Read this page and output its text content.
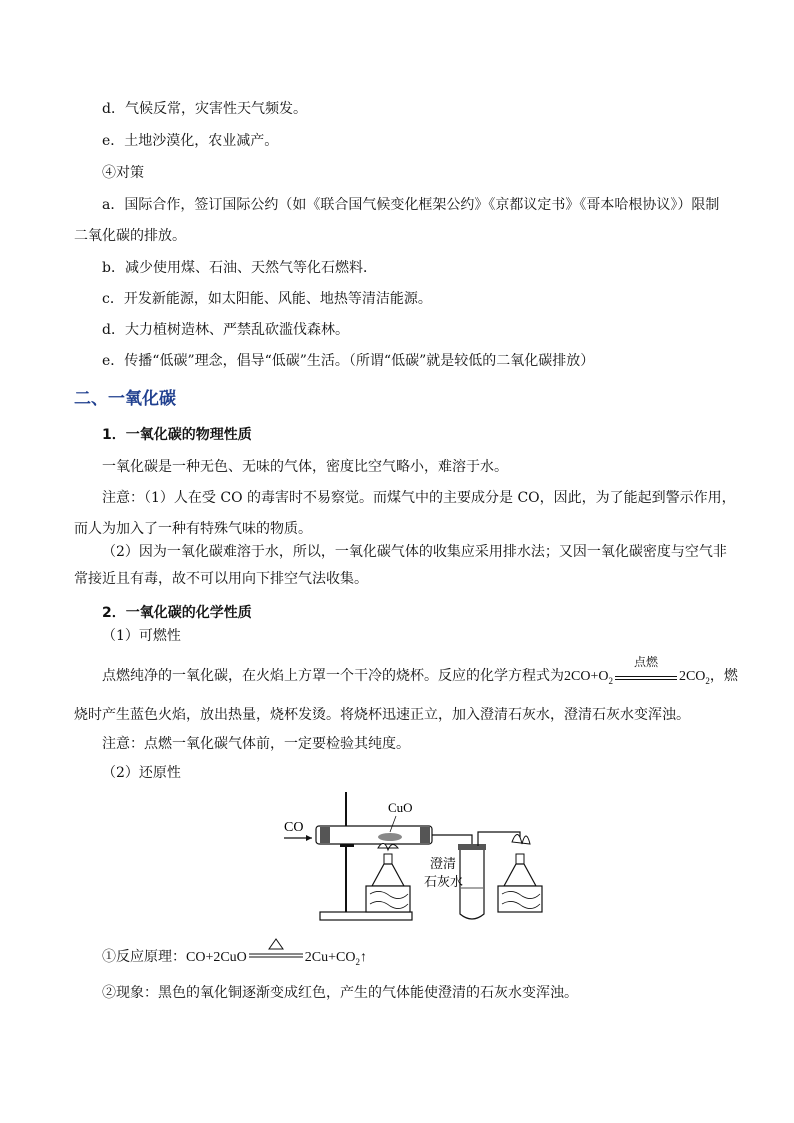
d．气候反常，灾害性天气频发。
e．土地沙漠化，农业减产。
④对策
a．国际合作，签订国际公约（如《联合国气候变化框架公约》《京都议定书》《哥本哈根协议》）限制
二氧化碳的排放。
b．减少使用煤、石油、天然气等化石燃料．
c．开发新能源，如太阳能、风能、地热等清洁能源。
d．大力植树造林、严禁乱砍滥伐森林。
e．传播“低碳”理念，倡导“低碳”生活。（所谓“低碳”就是较低的二氧化碳排放）
二、一氧化碳
1．一氧化碳的物理性质
一氧化碳是一种无色、无味的气体，密度比空气略小，难溶于水。
注意：（1）人在受 CO 的毒害时不易察觉。而煤气中的主要成分是 CO，因此，为了能起到警示作用，
而人为加入了一种有特殊气味的物质。
（2）因为一氧化碳难溶于水，所以，一氧化碳气体的收集应采用排水法；又因一氧化碳密度与空气非
常接近且有毒，故不可以用向下排空气法收集。
2．一氧化碳的化学性质
（1）可燃性
点燃纯净的一氧化碳，在火焰上方罩一个干冷的烧杯。反应的化学方程式为$2CO+O_2$
点燃
$2CO_2$，燃
烧时产生蓝色火焰，放出热量，烧杯发烫。将烧杯迅速正立，加入澄清石灰水，澄清石灰水变浑浊。
注意：点燃一氧化碳气体前，一定要检验其纯度。
（2）还原性
CO
CuO
澄清
石灰水
①反应原理：CO+2CuO	$2Cu+CO_2↑$
②现象：黑色的氧化铜逐渐变成红色，产生的气体能使澄清的石灰水变浑浊。
